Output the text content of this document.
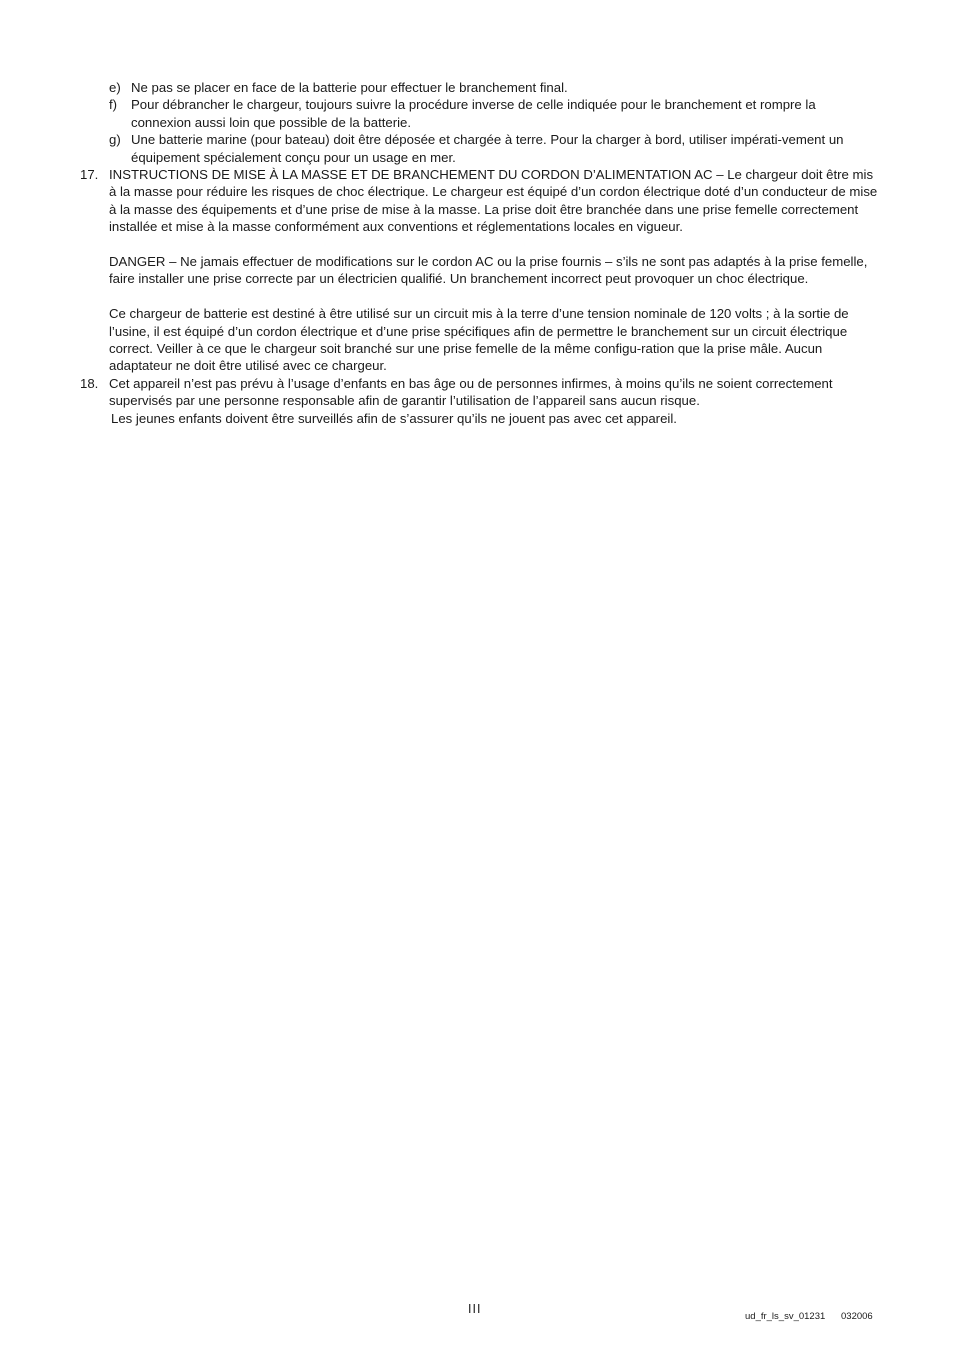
e) Ne pas se placer en face de la batterie pour effectuer le branchement final.

f) Pour débrancher le chargeur, toujours suivre la procédure inverse de celle indiquée pour le branchement et rompre la connexion aussi loin que possible de la batterie.

g) Une batterie marine (pour bateau) doit être déposée et chargée à terre. Pour la charger à bord, utiliser impérati-vement un équipement spécialement conçu pour un usage en mer.

17. INSTRUCTIONS DE MISE À LA MASSE ET DE BRANCHEMENT DU CORDON D’ALIMENTATION AC – Le chargeur doit être mis à la masse pour réduire les risques de choc électrique. Le chargeur est équipé d’un cordon électrique doté d’un conducteur de mise à la masse des équipements et d’une prise de mise à la masse. La prise doit être branchée dans une prise femelle correctement installée et mise à la masse conformément aux conventions et réglementations locales en vigueur.

DANGER – Ne jamais effectuer de modifications sur le cordon AC ou la prise fournis – s’ils ne sont pas adaptés à la prise femelle, faire installer une prise correcte par un électricien qualifié. Un branchement incorrect peut provoquer un choc électrique.

Ce chargeur de batterie est destiné à être utilisé sur un circuit mis à la terre d’une tension nominale de 120 volts ; à la sortie de l’usine, il est équipé d’un cordon électrique et d’une prise spécifiques afin de permettre le branchement sur un circuit électrique correct. Veiller à ce que le chargeur soit branché sur une prise femelle de la même configu-ration que la prise mâle. Aucun adaptateur ne doit être utilisé avec ce chargeur.

18. Cet appareil n’est pas prévu à l’usage d’enfants en bas âge ou de personnes infirmes, à moins qu’ils ne soient correctement supervisés par une personne responsable afin de garantir l’utilisation de l’appareil sans aucun risque.

Les jeunes enfants doivent être surveillés afin de s’assurer qu’ils ne jouent pas avec cet appareil.

III
ud_fr_ls_sv_01231 032006
